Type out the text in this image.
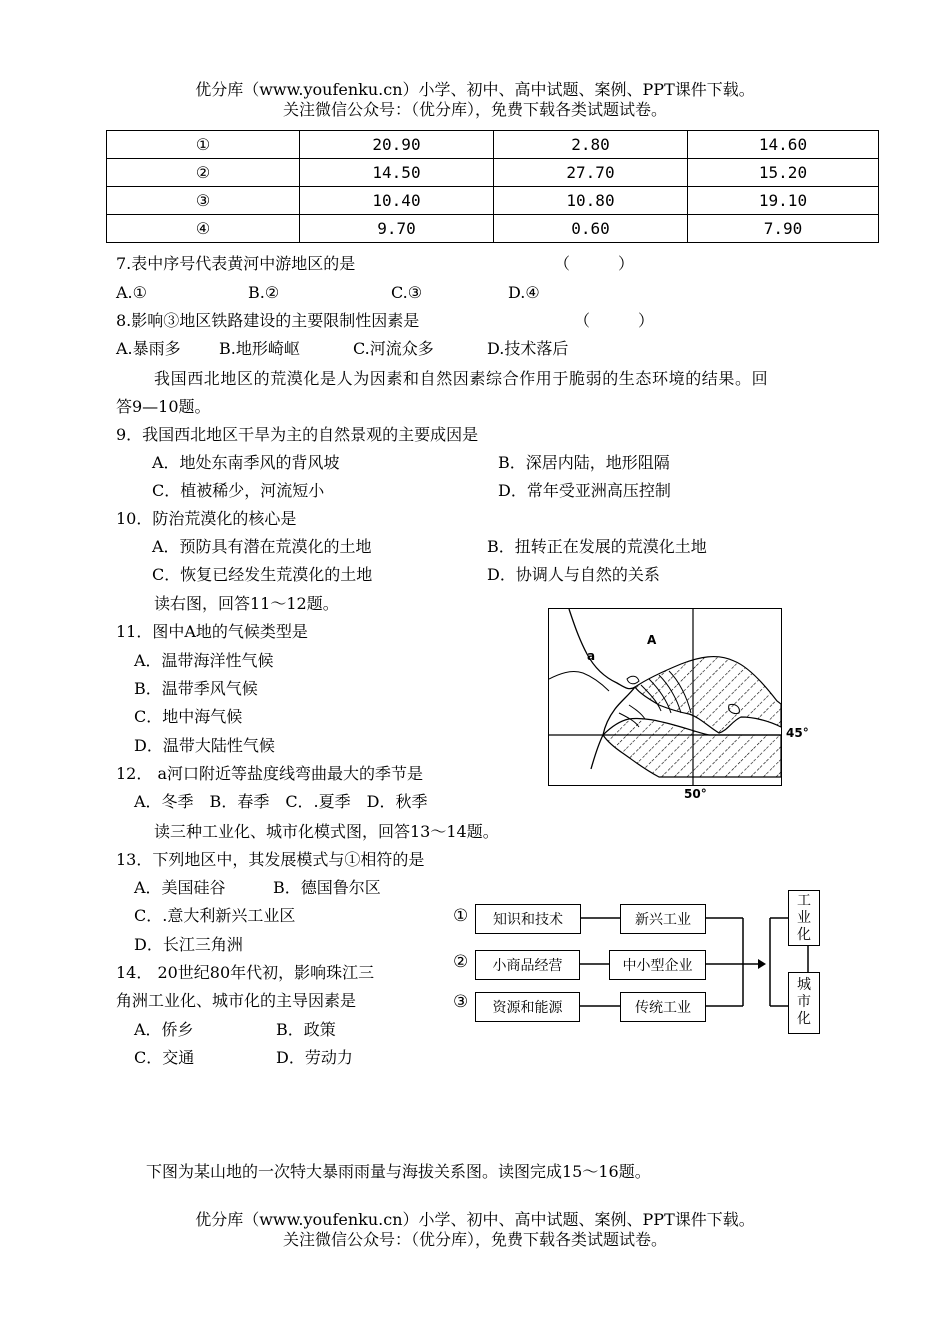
优分库（www.youfenku.cn）小学、初中、高中试题、案例、PPT课件下载。
关注微信公众号：（优分库），免费下载各类试题试卷。
①	20.90	2.80	14.60
②	14.50	27.70	15.20
③	10.40	10.80	19.10
④	9.70	0.60	7.90
7.表中序号代表黄河中游地区的是	（　　　）
A.①	B.②	C.③	D.④
8.影响③地区铁路建设的主要限制性因素是	（　　　）
A.暴雨多 B.地形崎岖	C.河流众多	D.技术落后
我国西北地区的荒漠化是人为因素和自然因素综合作用于脆弱的生态环境的结果。回
答9—10题。
9．我国西北地区干旱为主的自然景观的主要成因是
A．地处东南季风的背风坡	B．深居内陆，地形阻隔
C．植被稀少，河流短小	D．常年受亚洲高压控制
10．防治荒漠化的核心是
A．预防具有潜在荒漠化的土地	B．扭转正在发展的荒漠化土地
C．恢复已经发生荒漠化的土地	D．协调人与自然的关系
读右图，回答11～12题。
11．图中A地的气候类型是
A．温带海洋性气候
B．温带季风气候
C．地中海气候
D．温带大陆性气候
12． a河口附近等盐度线弯曲最大的季节是
A．冬季　B．春季　C．.夏季　D．秋季
A
a
45°
50°
读三种工业化、城市化模式图，回答13～14题。
13．下列地区中，其发展模式与①相符的是
A．美国硅谷	B．德国鲁尔区
C．.意大利新兴工业区
D．长江三角洲
14． 20世纪80年代初，影响珠江三
角洲工业化、城市化的主导因素是
A．侨乡	B．政策
C．交通	D．劳动力
①
②
③
知识和技术
小商品经营
资源和能源
新兴工业
中小型企业
传统工业
工
业
化
城
市
化
下图为某山地的一次特大暴雨雨量与海拔关系图。读图完成15～16题。
优分库（www.youfenku.cn）小学、初中、高中试题、案例、PPT课件下载。
关注微信公众号：（优分库），免费下载各类试题试卷。
